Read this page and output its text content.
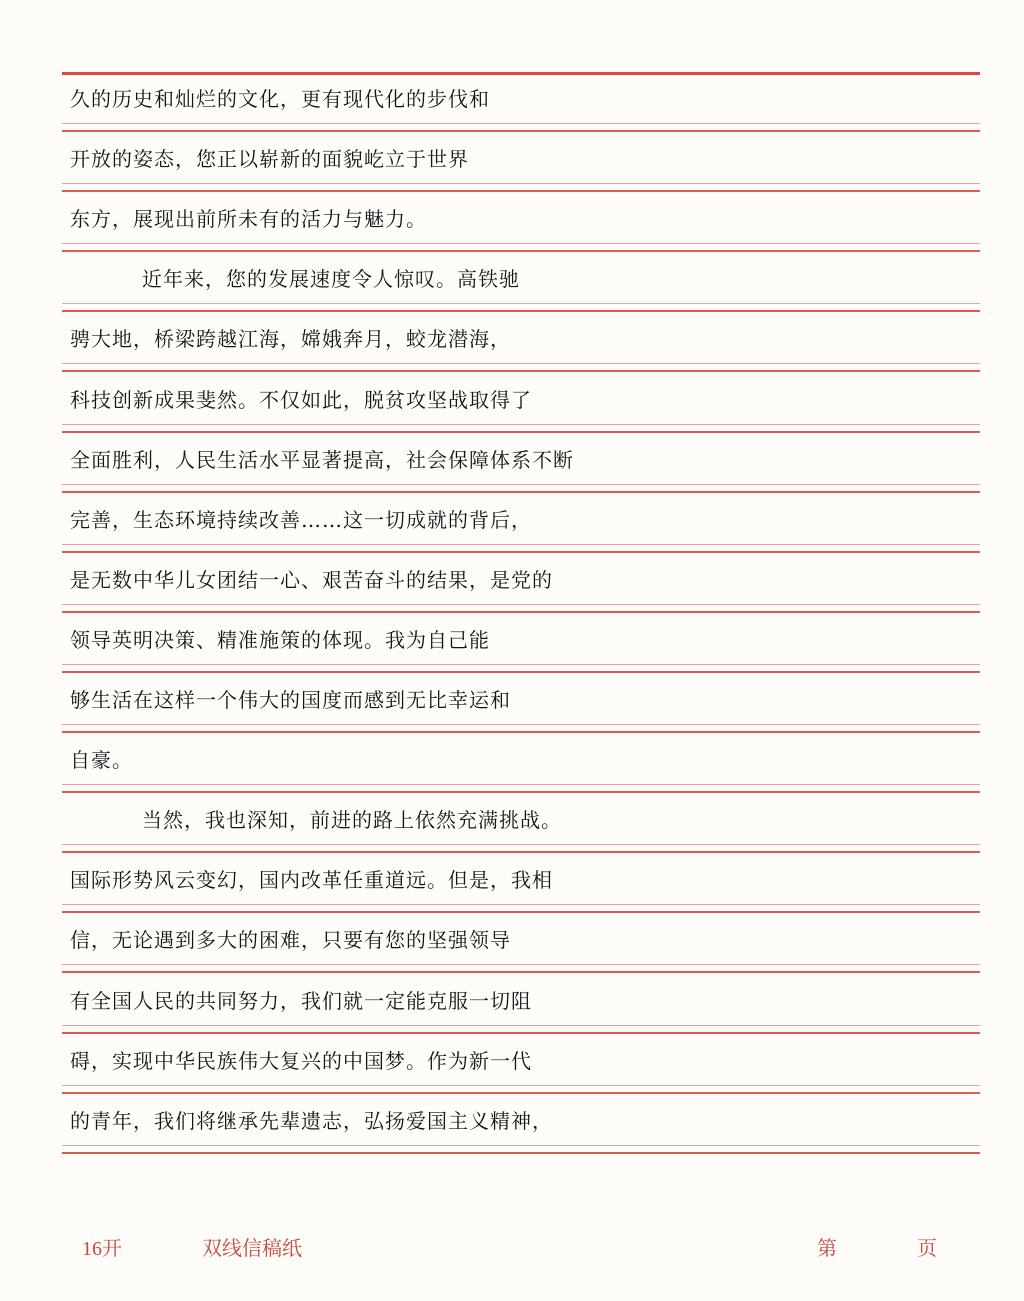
久的历史和灿烂的文化，更有现代化的步伐和
开放的姿态，您正以崭新的面貌屹立于世界
东方，展现出前所未有的活力与魅力。
近年来，您的发展速度令人惊叹。高铁驰
骋大地，桥梁跨越江海，嫦娥奔月，蛟龙潜海，
科技创新成果斐然。不仅如此，脱贫攻坚战取得了
全面胜利，人民生活水平显著提高，社会保障体系不断
完善，生态环境持续改善……这一切成就的背后，
是无数中华儿女团结一心、艰苦奋斗的结果，是党的
领导英明决策、精准施策的体现。我为自己能
够生活在这样一个伟大的国度而感到无比幸运和
自豪。
当然，我也深知，前进的路上依然充满挑战。
国际形势风云变幻，国内改革任重道远。但是，我相
信，无论遇到多大的困难，只要有您的坚强领导
有全国人民的共同努力，我们就一定能克服一切阻
碍，实现中华民族伟大复兴的中国梦。作为新一代
的青年，我们将继承先辈遗志，弘扬爱国主义精神，
16开	双线信稿纸	第	页
